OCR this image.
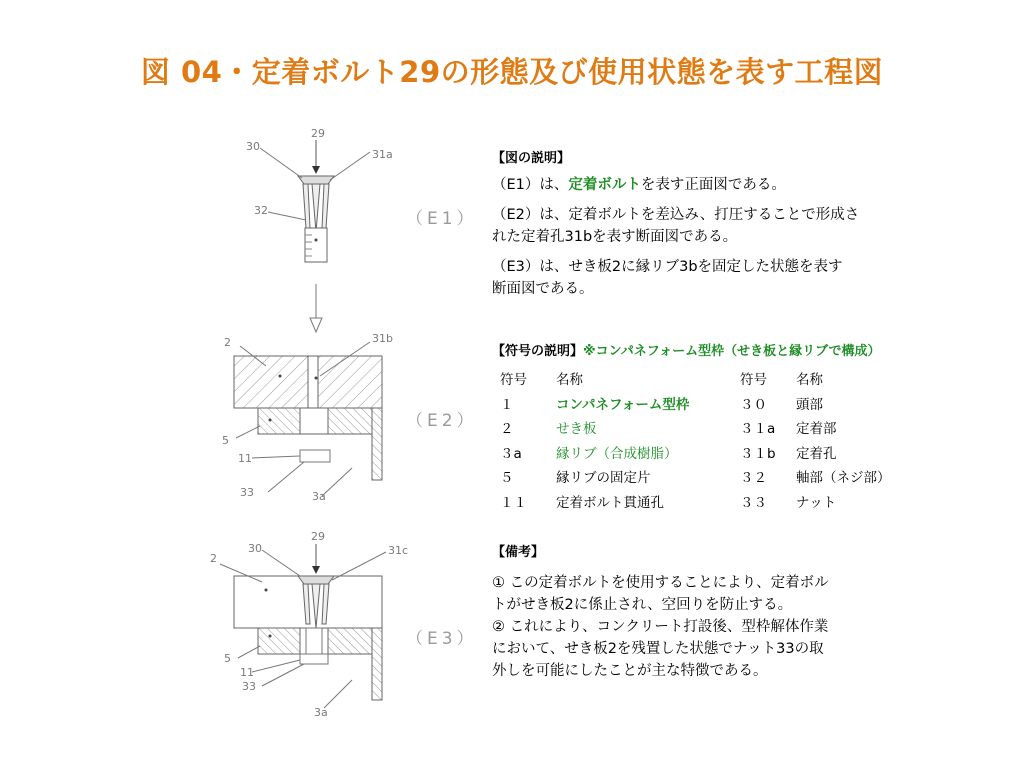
図 04・定着ボルト29の形態及び使用状態を表す工程図
30
29
31a
32	（E1）
2	31b
5
11
33	3a
（E2）
2
30
29
31c
5
11
33
3a
（E3）
【図の説明】

（E1）は、定着ボルトを表す正面図である。

（E2）は、定着ボルトを差込み、打圧することで形成さ
れた定着孔31bを表す断面図である。

（E3）は、せき板2に縁リブ3bを固定した状態を表す
断面図である。

【符号の説明】※コンパネフォーム型枠（せき板と縁リブで構成）
符号	名称	符号	名称
１	コンパネフォーム型枠	３０	頭部
２	せき板	３１a	定着部
３a	縁リブ（合成樹脂）	３１b	定着孔
５	縁リブの固定片	３２	軸部（ネジ部）
１１	定着ボルト貫通孔	３３	ナット
【備考】

① この定着ボルトを使用することにより、定着ボル
トがせき板2に係止され、空回りを防止する。

② これにより、コンクリート打設後、型枠解体作業
において、せき板2を残置した状態でナット33の取
外しを可能にしたことが主な特徴である。
